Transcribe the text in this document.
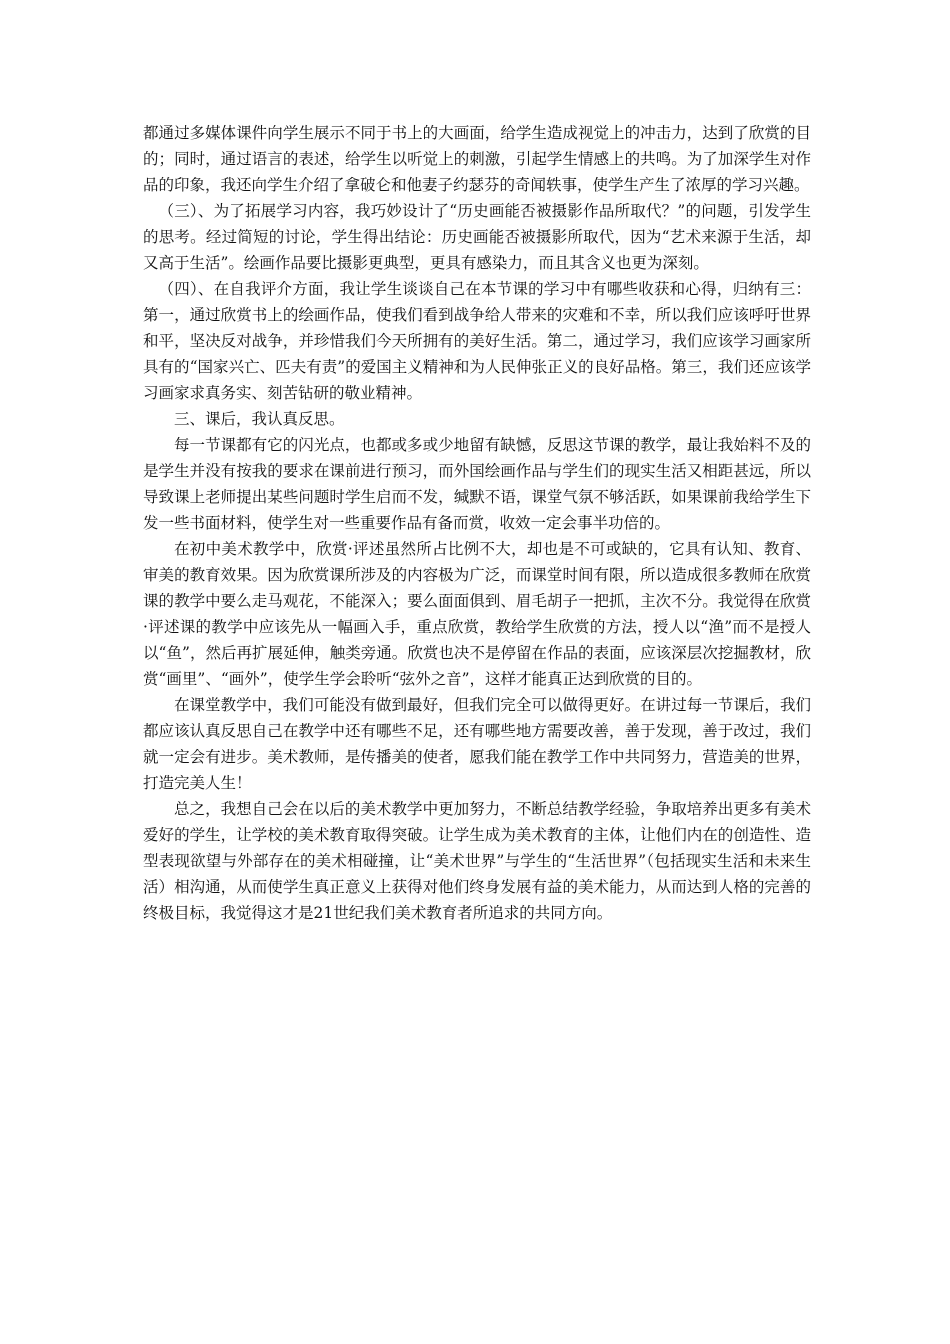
都通过多媒体课件向学生展示不同于书上的大画面，给学生造成视觉上的冲击力，达到了欣赏的目的；同时，通过语言的表述，给学生以听觉上的刺激，引起学生情感上的共鸣。为了加深学生对作品的印象，我还向学生介绍了拿破仑和他妻子约瑟芬的奇闻轶事，使学生产生了浓厚的学习兴趣。

（三）、为了拓展学习内容，我巧妙设计了“历史画能否被摄影作品所取代？”的问题，引发学生的思考。经过简短的讨论，学生得出结论：历史画能否被摄影所取代，因为“艺术来源于生活，却又高于生活”。绘画作品要比摄影更典型，更具有感染力，而且其含义也更为深刻。

（四）、在自我评介方面，我让学生谈谈自己在本节课的学习中有哪些收获和心得，归纳有三：第一，通过欣赏书上的绘画作品，使我们看到战争给人带来的灾难和不幸，所以我们应该呼吁世界和平，坚决反对战争，并珍惜我们今天所拥有的美好生活。第二，通过学习，我们应该学习画家所具有的“国家兴亡、匹夫有责”的爱国主义精神和为人民伸张正义的良好品格。第三，我们还应该学习画家求真务实、刻苦钻研的敬业精神。

三、课后，我认真反思。

每一节课都有它的闪光点，也都或多或少地留有缺憾，反思这节课的教学，最让我始料不及的是学生并没有按我的要求在课前进行预习，而外国绘画作品与学生们的现实生活又相距甚远，所以导致课上老师提出某些问题时学生启而不发，缄默不语，课堂气氛不够活跃，如果课前我给学生下发一些书面材料，使学生对一些重要作品有备而赏，收效一定会事半功倍的。

在初中美术教学中，欣赏·评述虽然所占比例不大，却也是不可或缺的，它具有认知、教育、审美的教育效果。因为欣赏课所涉及的内容极为广泛，而课堂时间有限，所以造成很多教师在欣赏课的教学中要么走马观花，不能深入；要么面面俱到、眉毛胡子一把抓，主次不分。我觉得在欣赏·评述课的教学中应该先从一幅画入手，重点欣赏，教给学生欣赏的方法，授人以“渔”而不是授人以“鱼”，然后再扩展延伸，触类旁通。欣赏也决不是停留在作品的表面，应该深层次挖掘教材，欣赏“画里”、“画外”，使学生学会聆听“弦外之音”，这样才能真正达到欣赏的目的。

在课堂教学中，我们可能没有做到最好，但我们完全可以做得更好。在讲过每一节课后，我们都应该认真反思自己在教学中还有哪些不足，还有哪些地方需要改善，善于发现，善于改过，我们就一定会有进步。美术教师，是传播美的使者，愿我们能在教学工作中共同努力，营造美的世界，打造完美人生！

总之，我想自己会在以后的美术教学中更加努力，不断总结教学经验，争取培养出更多有美术爱好的学生，让学校的美术教育取得突破。让学生成为美术教育的主体，让他们内在的创造性、造型表现欲望与外部存在的美术相碰撞，让“美术世界”与学生的“生活世界”（包括现实生活和未来生活）相沟通，从而使学生真正意义上获得对他们终身发展有益的美术能力，从而达到人格的完善的终极目标，我觉得这才是21世纪我们美术教育者所追求的共同方向。
